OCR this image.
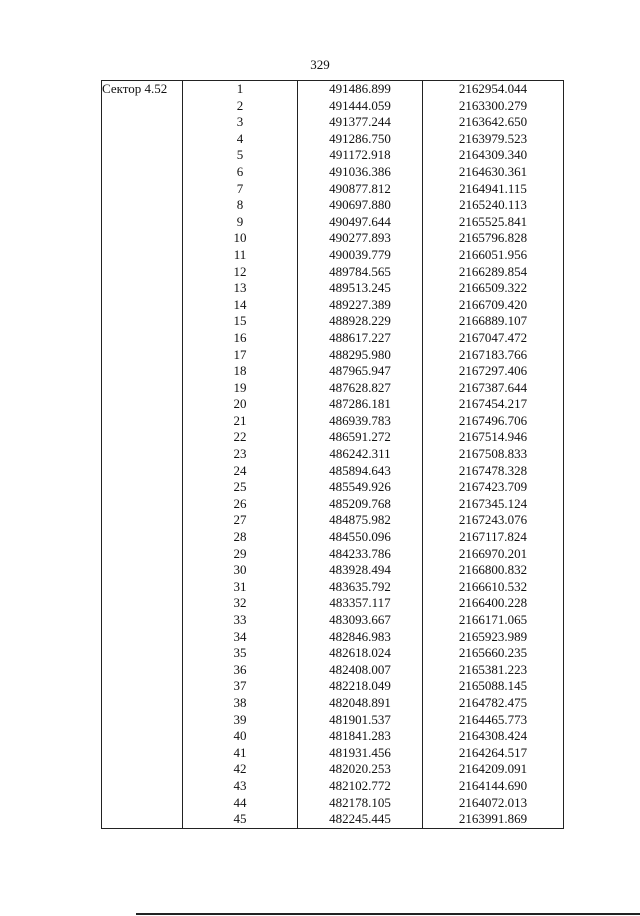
329
Сектор 4.52	1	491486.899	2162954.044
	2	491444.059	2163300.279
	3	491377.244	2163642.650
	4	491286.750	2163979.523
	5	491172.918	2164309.340
	6	491036.386	2164630.361
	7	490877.812	2164941.115
	8	490697.880	2165240.113
	9	490497.644	2165525.841
	10	490277.893	2165796.828
	11	490039.779	2166051.956
	12	489784.565	2166289.854
	13	489513.245	2166509.322
	14	489227.389	2166709.420
	15	488928.229	2166889.107
	16	488617.227	2167047.472
	17	488295.980	2167183.766
	18	487965.947	2167297.406
	19	487628.827	2167387.644
	20	487286.181	2167454.217
	21	486939.783	2167496.706
	22	486591.272	2167514.946
	23	486242.311	2167508.833
	24	485894.643	2167478.328
	25	485549.926	2167423.709
	26	485209.768	2167345.124
	27	484875.982	2167243.076
	28	484550.096	2167117.824
	29	484233.786	2166970.201
	30	483928.494	2166800.832
	31	483635.792	2166610.532
	32	483357.117	2166400.228
	33	483093.667	2166171.065
	34	482846.983	2165923.989
	35	482618.024	2165660.235
	36	482408.007	2165381.223
	37	482218.049	2165088.145
	38	482048.891	2164782.475
	39	481901.537	2164465.773
	40	481841.283	2164308.424
	41	481931.456	2164264.517
	42	482020.253	2164209.091
	43	482102.772	2164144.690
	44	482178.105	2164072.013
	45	482245.445	2163991.869
